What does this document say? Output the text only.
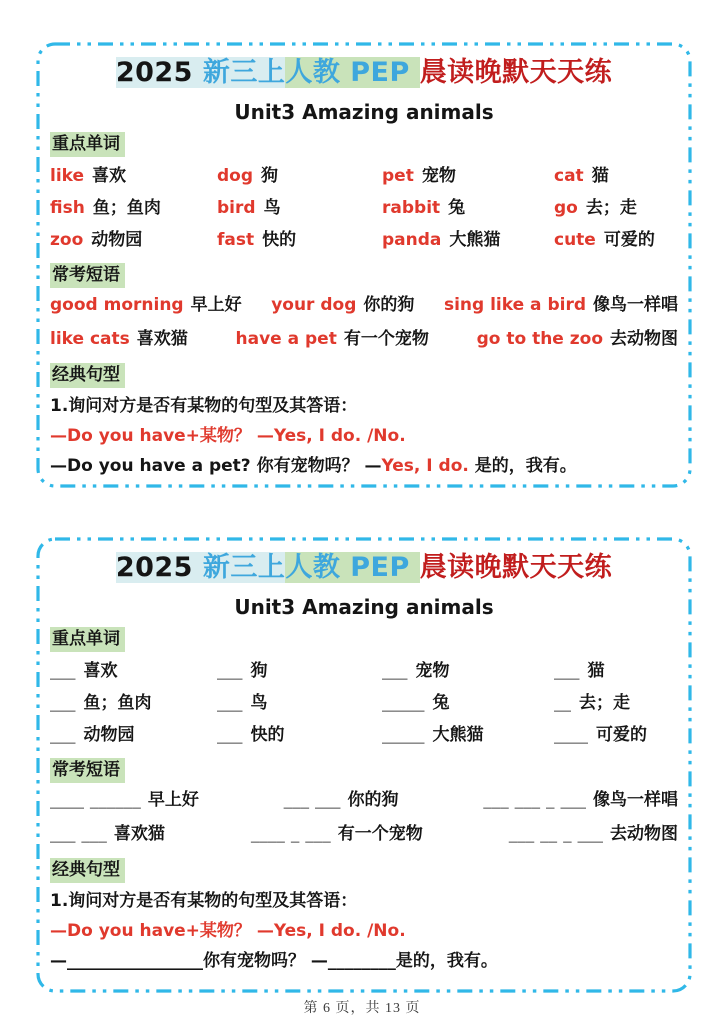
2025 新三上人教 PEP 晨读晚默天天练
Unit3 Amazing animals
重点单词
like 喜欢	dog 狗	pet 宠物	cat 猫
fish 鱼；鱼肉	bird 鸟	rabbit 兔	go 去；走
zoo 动物园	fast 快的	panda 大熊猫	cute 可爱的
常考短语
good morning 早上好 your dog 你的狗 sing like a bird 像鸟一样唱
like cats 喜欢猫	have a pet 有一个宠物	go to the zoo 去动物图
经典句型
1.询问对方是否有某物的句型及其答语：
—Do you have+某物？ —Yes, I do. /No.
—Do you have a pet? 你有宠物吗？ —Yes, I do. 是的，我有。
2025 新三上人教 PEP 晨读晚默天天练
Unit3 Amazing animals
重点单词
___ 喜欢	___ 狗	___ 宠物	___ 猫
___ 鱼；鱼肉	___ 鸟	_____ 兔	__ 去；走
___ 动物园	___ 快的	_____ 大熊猫	____ 可爱的
常考短语
____ ______ 早上好	___ ___ 你的狗	___ ___ _ ___ 像鸟一样唱
___ ___ 喜欢猫	____ _ ___ 有一个宠物	___ __ _ ___ 去动物图
经典句型
1.询问对方是否有某物的句型及其答语：
—Do you have+某物？ —Yes, I do. /No.
—________________你有宠物吗？ —________是的，我有。
第 6 页，共 13 页
